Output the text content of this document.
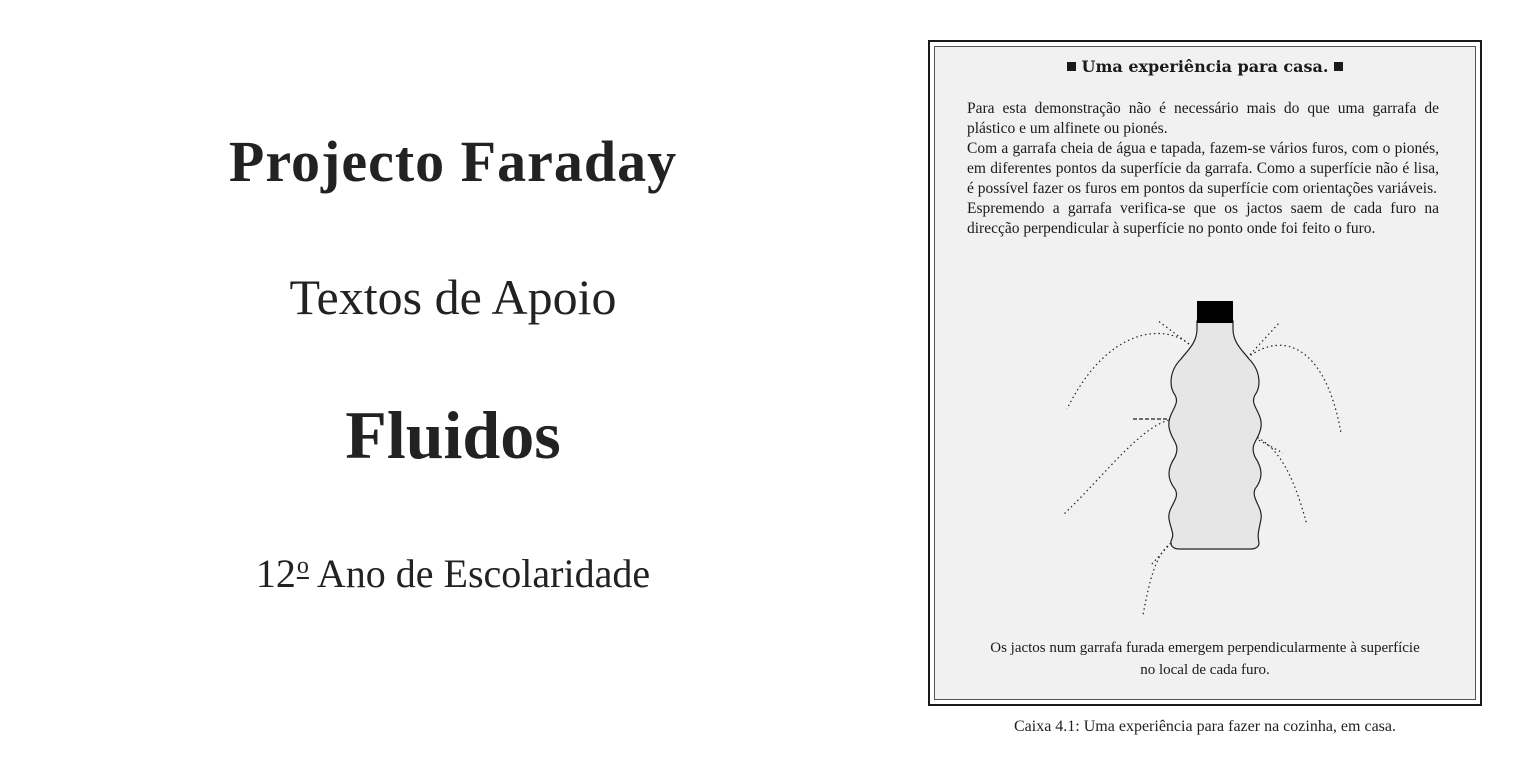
Projecto Faraday
Textos de Apoio
Fluidos
12$^o$ Ano de Escolaridade
Uma experiência para casa.

Para esta demonstração não é necessário mais do que uma garrafa de plástico e um alfinete ou pionés.

Com a garrafa cheia de água e tapada, fazem-se vários furos, com o pionés, em diferentes pontos da superfície da garrafa. Como a superfície não é lisa, é possível fazer os furos em pontos da superfície com orientações variáveis.

Espremendo a garrafa verifica-se que os jactos saem de cada furo na direcção perpendicular à superfície no ponto onde foi feito o furo.

Os jactos num garrafa furada emergem perpendicularmente à superfície no local de cada furo.
Caixa 4.1: Uma experiência para fazer na cozinha, em casa.
